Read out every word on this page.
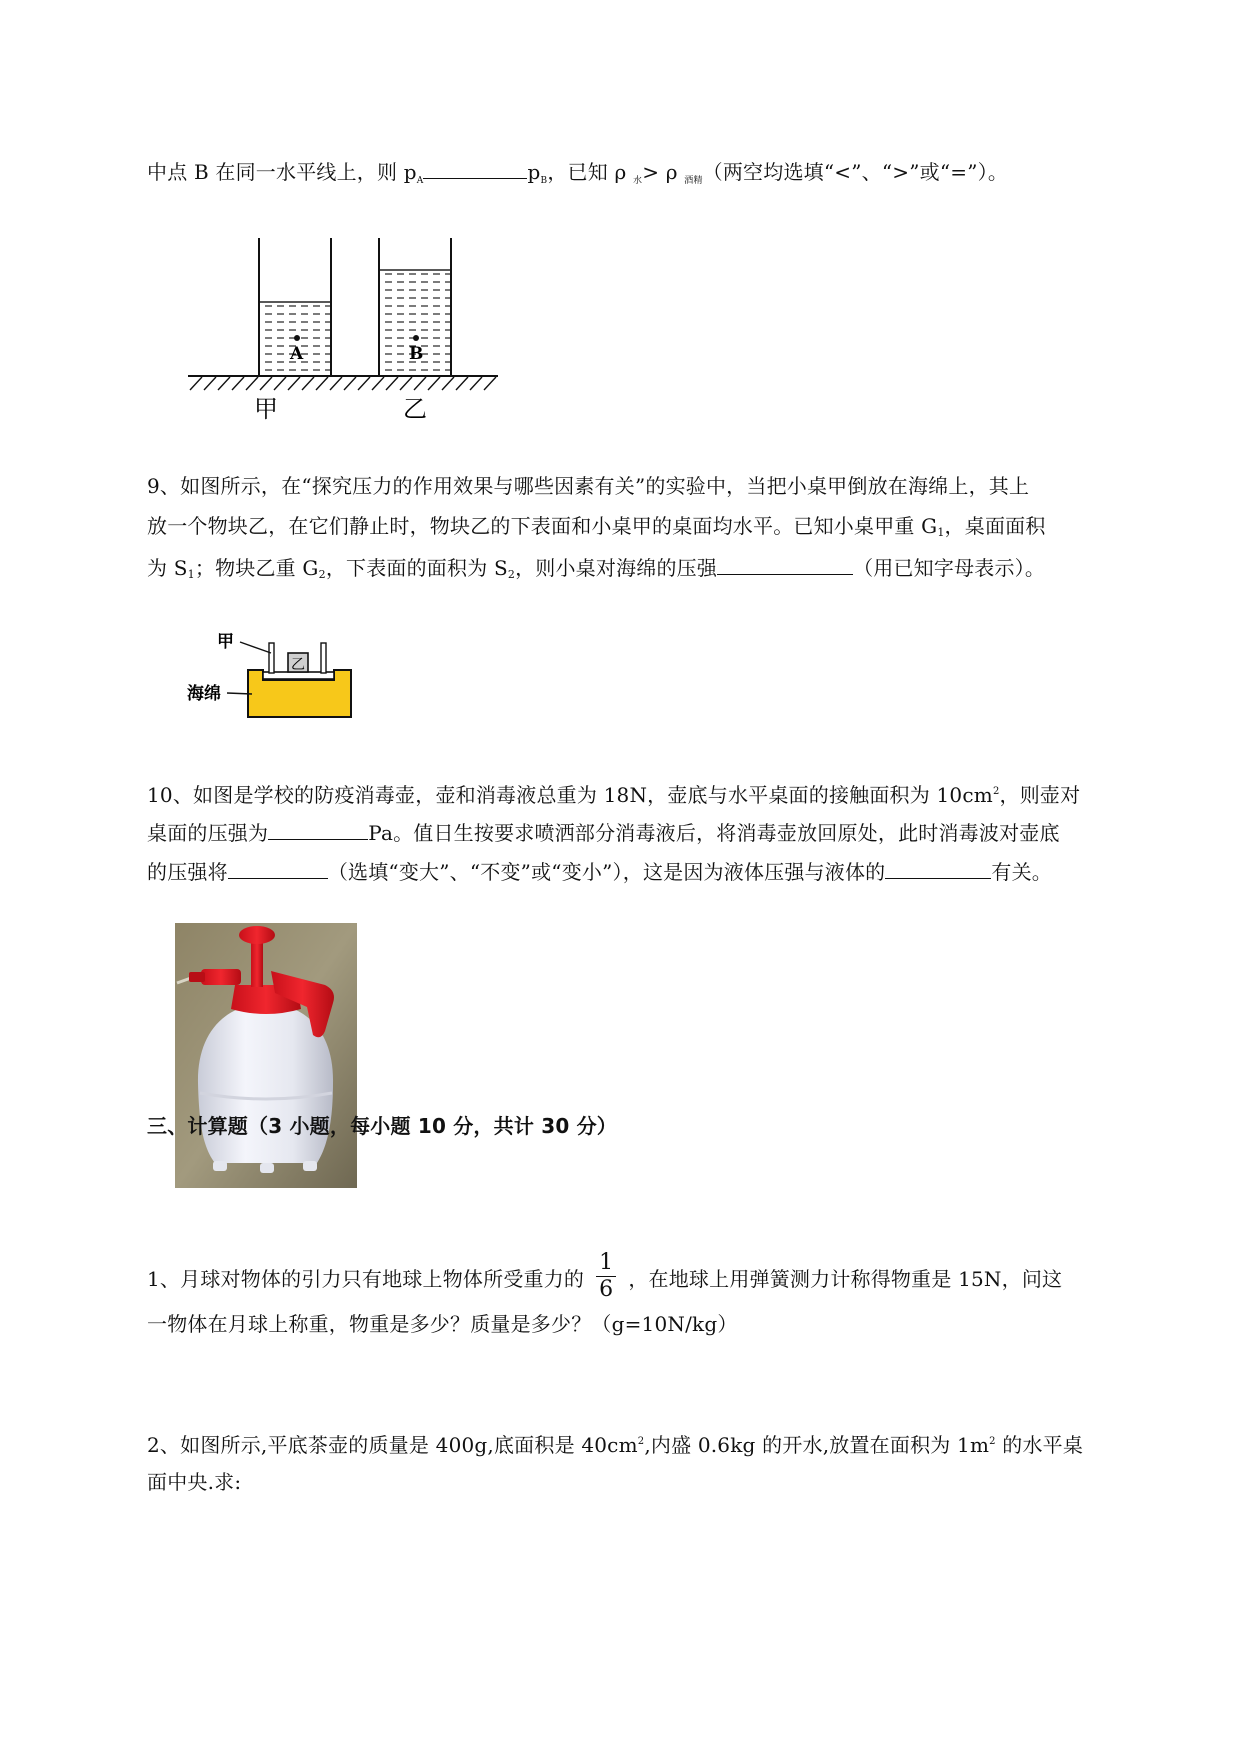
中点 B 在同一水平线上，则 $p_A$	$p_B$，已知 ρ $_水$> ρ $_{酒精}$（两空均选填“<”、“>”或“=”）。
A	B
甲	乙
9、如图所示，在“探究压力的作用效果与哪些因素有关”的实验中，当把小桌甲倒放在海绵上，其上
放一个物块乙，在它们静止时，物块乙的下表面和小桌甲的桌面均水平。已知小桌甲重 $G_1$，桌面面积
为 $S_1$；物块乙重 $G_2$，下表面的面积为 $S_2$，则小桌对海绵的压强	（用已知字母表示）。
乙
甲
海绵
10、如图是学校的防疫消毒壶，壶和消毒液总重为 18N，壶底与水平桌面的接触面积为 $10cm^2$，则壶对
桌面的压强为	Pa。值日生按要求喷洒部分消毒液后，将消毒壶放回原处，此时消毒波对壶底
的压强将	（选填“变大”、“不变”或“变小”），这是因为液体压强与液体的	有关。
三、计算题（3 小题，每小题 10 分，共计 30 分）
一物体在月球上称重，物重是多少？质量是多少？（g=10N/kg）
1、月球对物体的引力只有地球上物体所受重力的 $\frac{1}{6}$ ，在地球上用弹簧测力计称得物重是 15N，问这
2、如图所示,平底茶壶的质量是 400g,底面积是 $40cm^2$,内盛 0.6kg 的开水,放置在面积为 $1m^2$ 的水平桌
面中央.求:
